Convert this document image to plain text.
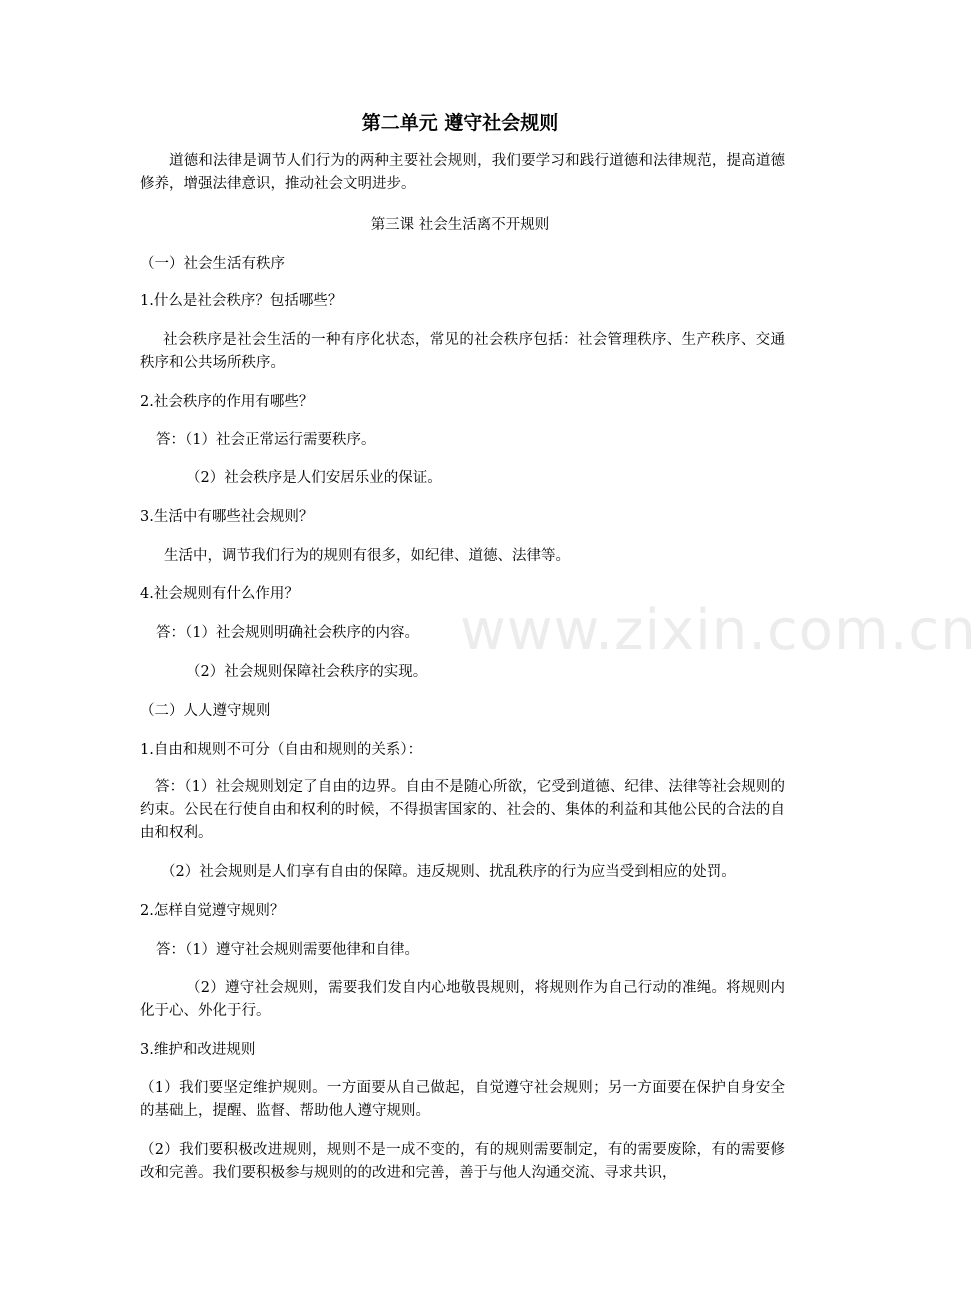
第二单元 遵守社会规则
道德和法律是调节人们行为的两种主要社会规则，我们要学习和践行道德和法律规范，提高道德修养，增强法律意识，推动社会文明进步。
第三课 社会生活离不开规则
（一）社会生活有秩序
1.什么是社会秩序？包括哪些？
社会秩序是社会生活的一种有序化状态，常见的社会秩序包括：社会管理秩序、生产秩序、交通秩序和公共场所秩序。
2.社会秩序的作用有哪些？
答：（1）社会正常运行需要秩序。
（2）社会秩序是人们安居乐业的保证。
3.生活中有哪些社会规则？
生活中，调节我们行为的规则有很多，如纪律、道德、法律等。
4.社会规则有什么作用？
答：（1）社会规则明确社会秩序的内容。
（2）社会规则保障社会秩序的实现。
（二）人人遵守规则
1.自由和规则不可分（自由和规则的关系）：
答：（1）社会规则划定了自由的边界。自由不是随心所欲，它受到道德、纪律、法律等社会规则的约束。公民在行使自由和权利的时候，不得损害国家的、社会的、集体的利益和其他公民的合法的自由和权利。
（2）社会规则是人们享有自由的保障。违反规则、扰乱秩序的行为应当受到相应的处罚。
2.怎样自觉遵守规则？
答：（1）遵守社会规则需要他律和自律。
（2）遵守社会规则，需要我们发自内心地敬畏规则，将规则作为自己行动的准绳。将规则内化于心、外化于行。
3.维护和改进规则
（1）我们要坚定维护规则。一方面要从自己做起，自觉遵守社会规则；另一方面要在保护自身安全的基础上，提醒、监督、帮助他人遵守规则。
（2）我们要积极改进规则，规则不是一成不变的，有的规则需要制定，有的需要废除，有的需要修改和完善。我们要积极参与规则的的改进和完善，善于与他人沟通交流、寻求共识，
www.zixin.com.cn
